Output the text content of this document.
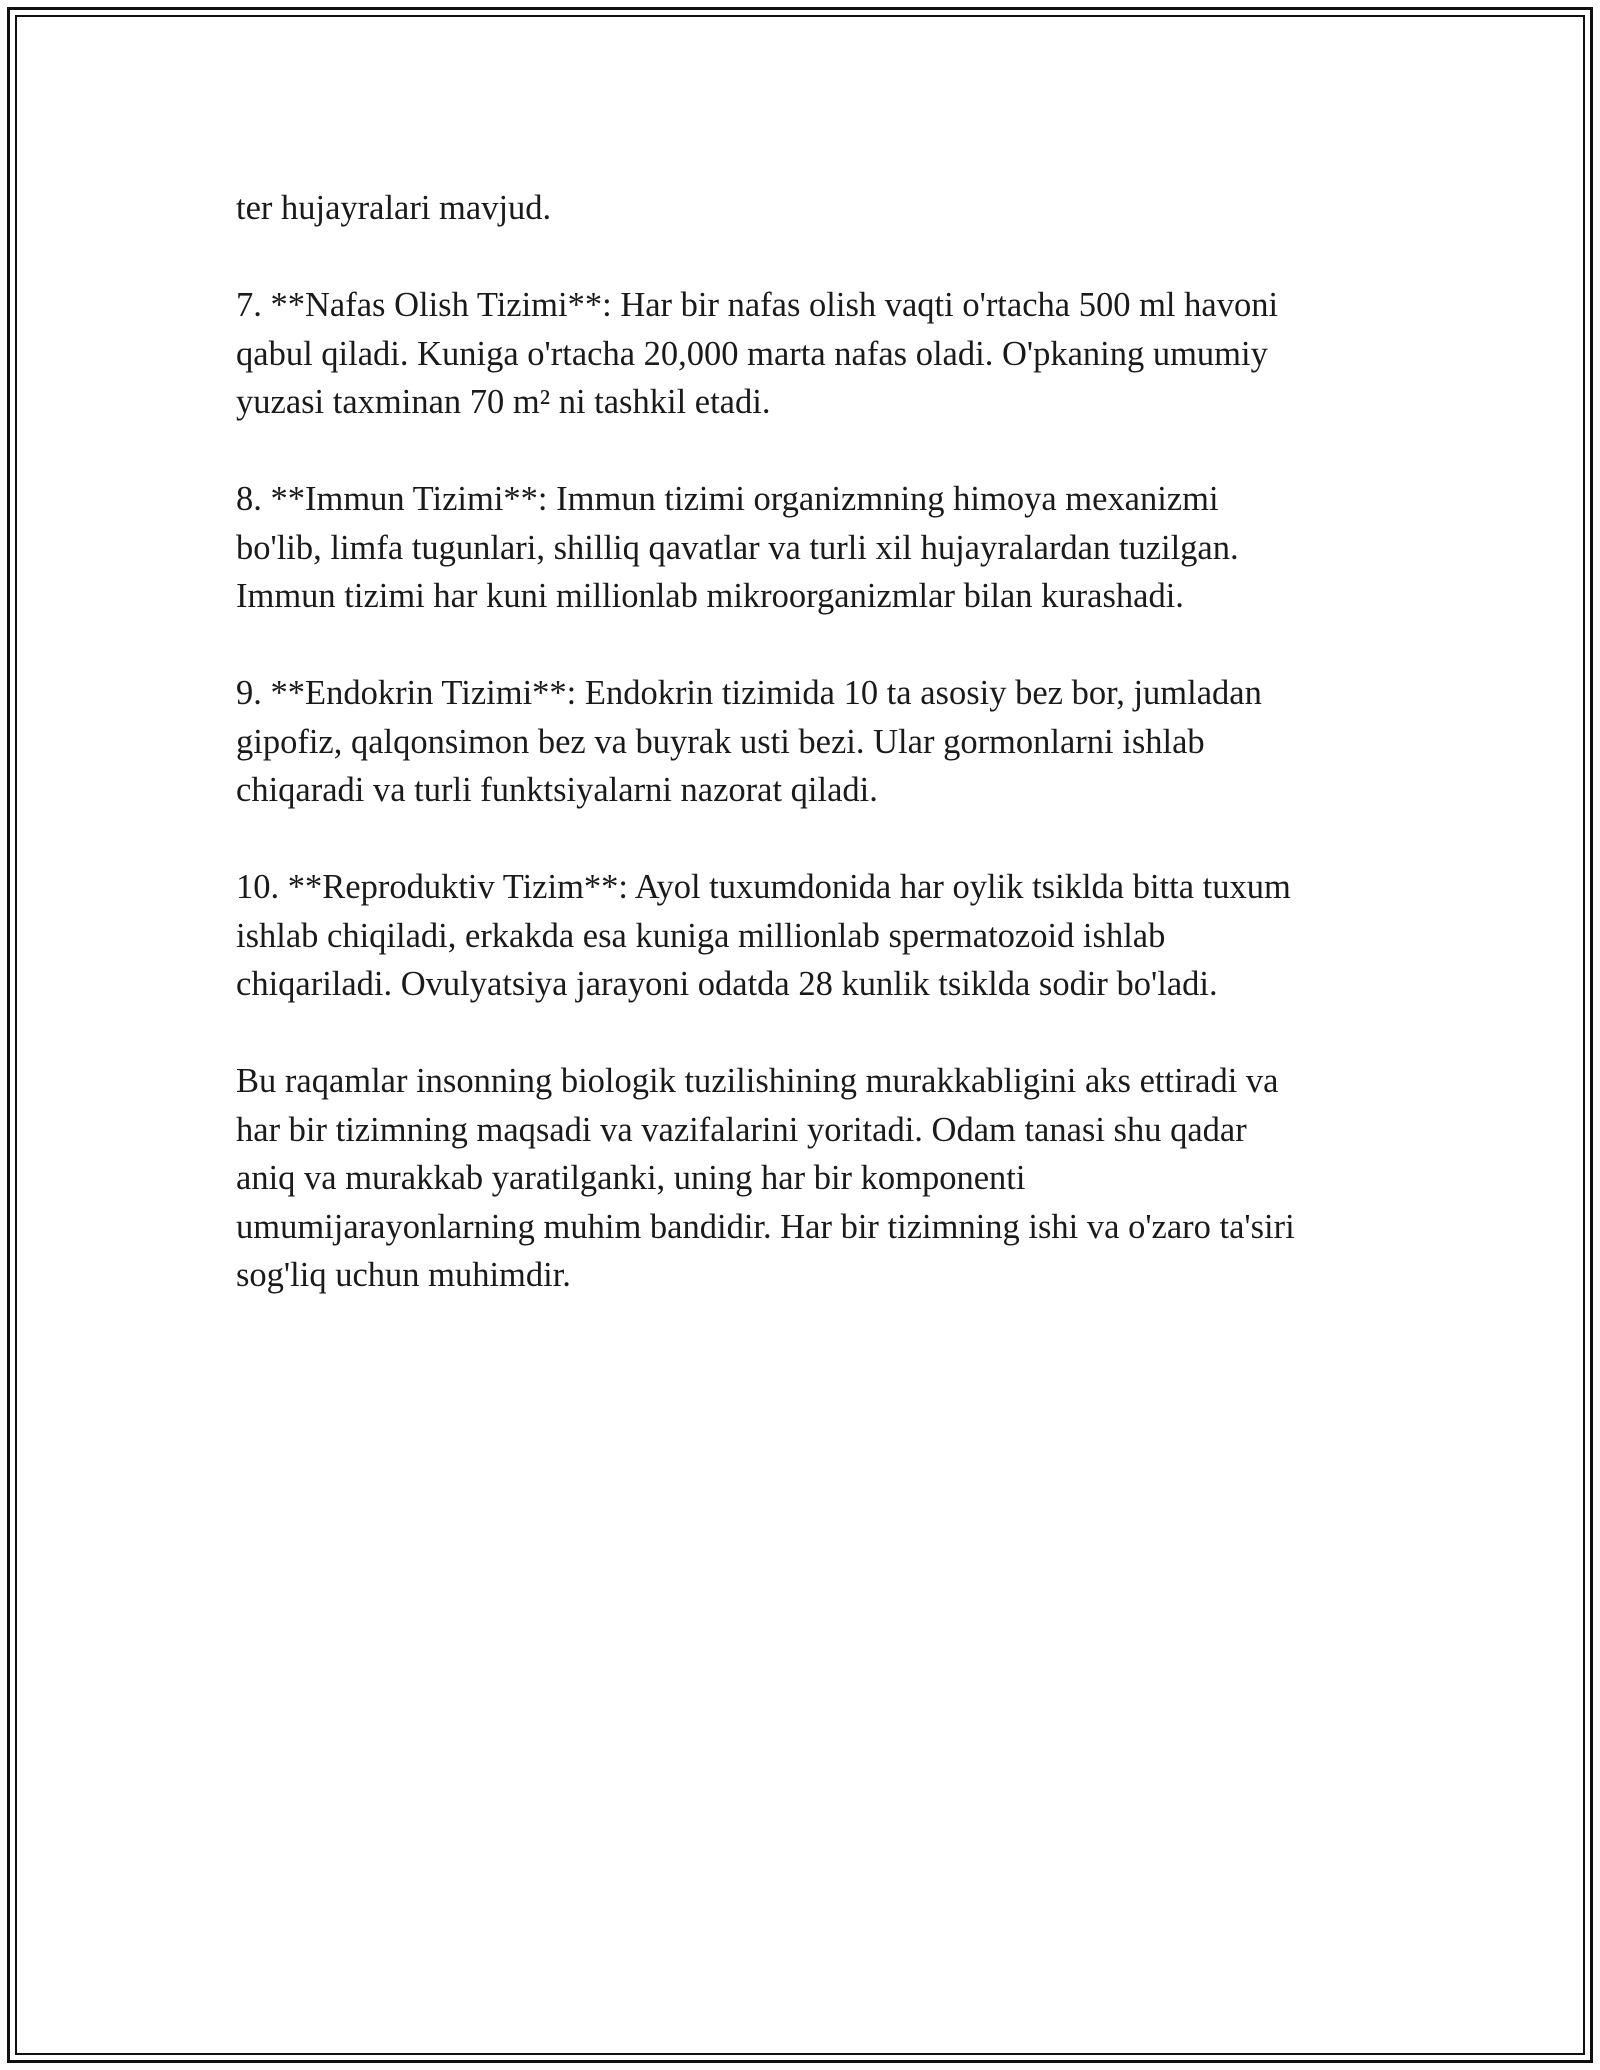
ter hujayralari mavjud.

7. **Nafas Olish Tizimi**: Har bir nafas olish vaqti o'rtacha 500 ml havoni
qabul qiladi. Kuniga o'rtacha 20,000 marta nafas oladi. O'pkaning umumiy
yuzasi taxminan 70 m² ni tashkil etadi.

8. **Immun Tizimi**: Immun tizimi organizmning himoya mexanizmi
bo'lib, limfa tugunlari, shilliq qavatlar va turli xil hujayralardan tuzilgan.
Immun tizimi har kuni millionlab mikroorganizmlar bilan kurashadi.

9. **Endokrin Tizimi**: Endokrin tizimida 10 ta asosiy bez bor, jumladan
gipofiz, qalqonsimon bez va buyrak usti bezi. Ular gormonlarni ishlab
chiqaradi va turli funktsiyalarni nazorat qiladi.

10. **Reproduktiv Tizim**: Ayol tuxumdonida har oylik tsiklda bitta tuxum
ishlab chiqiladi, erkakda esa kuniga millionlab spermatozoid ishlab
chiqariladi. Ovulyatsiya jarayoni odatda 28 kunlik tsiklda sodir bo'ladi.

Bu raqamlar insonning biologik tuzilishining murakkabligini aks ettiradi va
har bir tizimning maqsadi va vazifalarini yoritadi. Odam tanasi shu qadar
aniq va murakkab yaratilganki, uning har bir komponenti
umumijarayonlarning muhim bandidir. Har bir tizimning ishi va o'zaro ta'siri
sog'liq uchun muhimdir.
